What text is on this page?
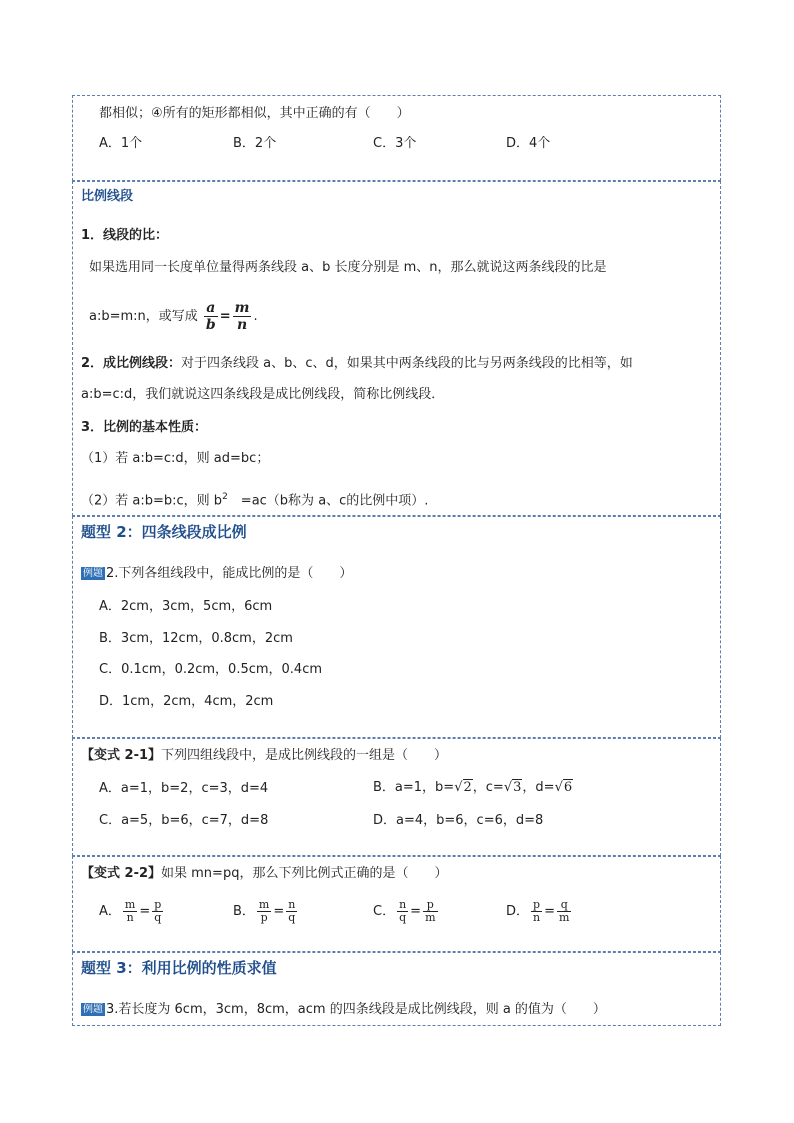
都相似；④所有的矩形都相似，其中正确的有（　　）
A．1个	B．2个	C．3个	D．4个
比例线段
1．线段的比：
如果选用同一长度单位量得两条线段 a、b 长度分别是 m、n，那么就说这两条线段的比是
a:b=m:n，或写成 $\frac{a}{b} = \frac{m}{n}$ .
2．成比例线段：对于四条线段 a、b、c、d，如果其中两条线段的比与另两条线段的比相等，如
a:b=c:d，我们就说这四条线段是成比例线段，简称比例线段．
3．比例的基本性质：
（1）若 a:b=c:d，则 ad=bc；
（2）若 a:b=b:c，则 $b^2$　=ac（b称为 a、c的比例中项）.
题型 2：四条线段成比例
例题 2.下列各组线段中，能成比例的是（　　）
A．2cm，3cm，5cm，6cm
B．3cm，12cm，0.8cm，2cm
C．0.1cm，0.2cm，0.5cm，0.4cm
D．1cm，2cm，4cm，2cm
【变式 2-1】下列四组线段中，是成比例线段的一组是（　　）
A．a=1，b=2，c=3，d=4	B．a=1，b=√2，c=√3，d=√6
C．a=5，b=6，c=7，d=8	D．a=4，b=6，c=6，d=8
【变式 2-2】如果 mn=pq，那么下列比例式正确的是（　　）
A． $\frac{m}{n} = \frac{p}{q}$	B． $\frac{m}{p} = \frac{n}{q}$	C． $\frac{n}{q} = \frac{p}{m}$	D． $\frac{p}{n} = \frac{q}{m}$
题型 3：利用比例的性质求值
例题 3.若长度为 6cm，3cm，8cm，acm 的四条线段是成比例线段，则 a 的值为（　　）
